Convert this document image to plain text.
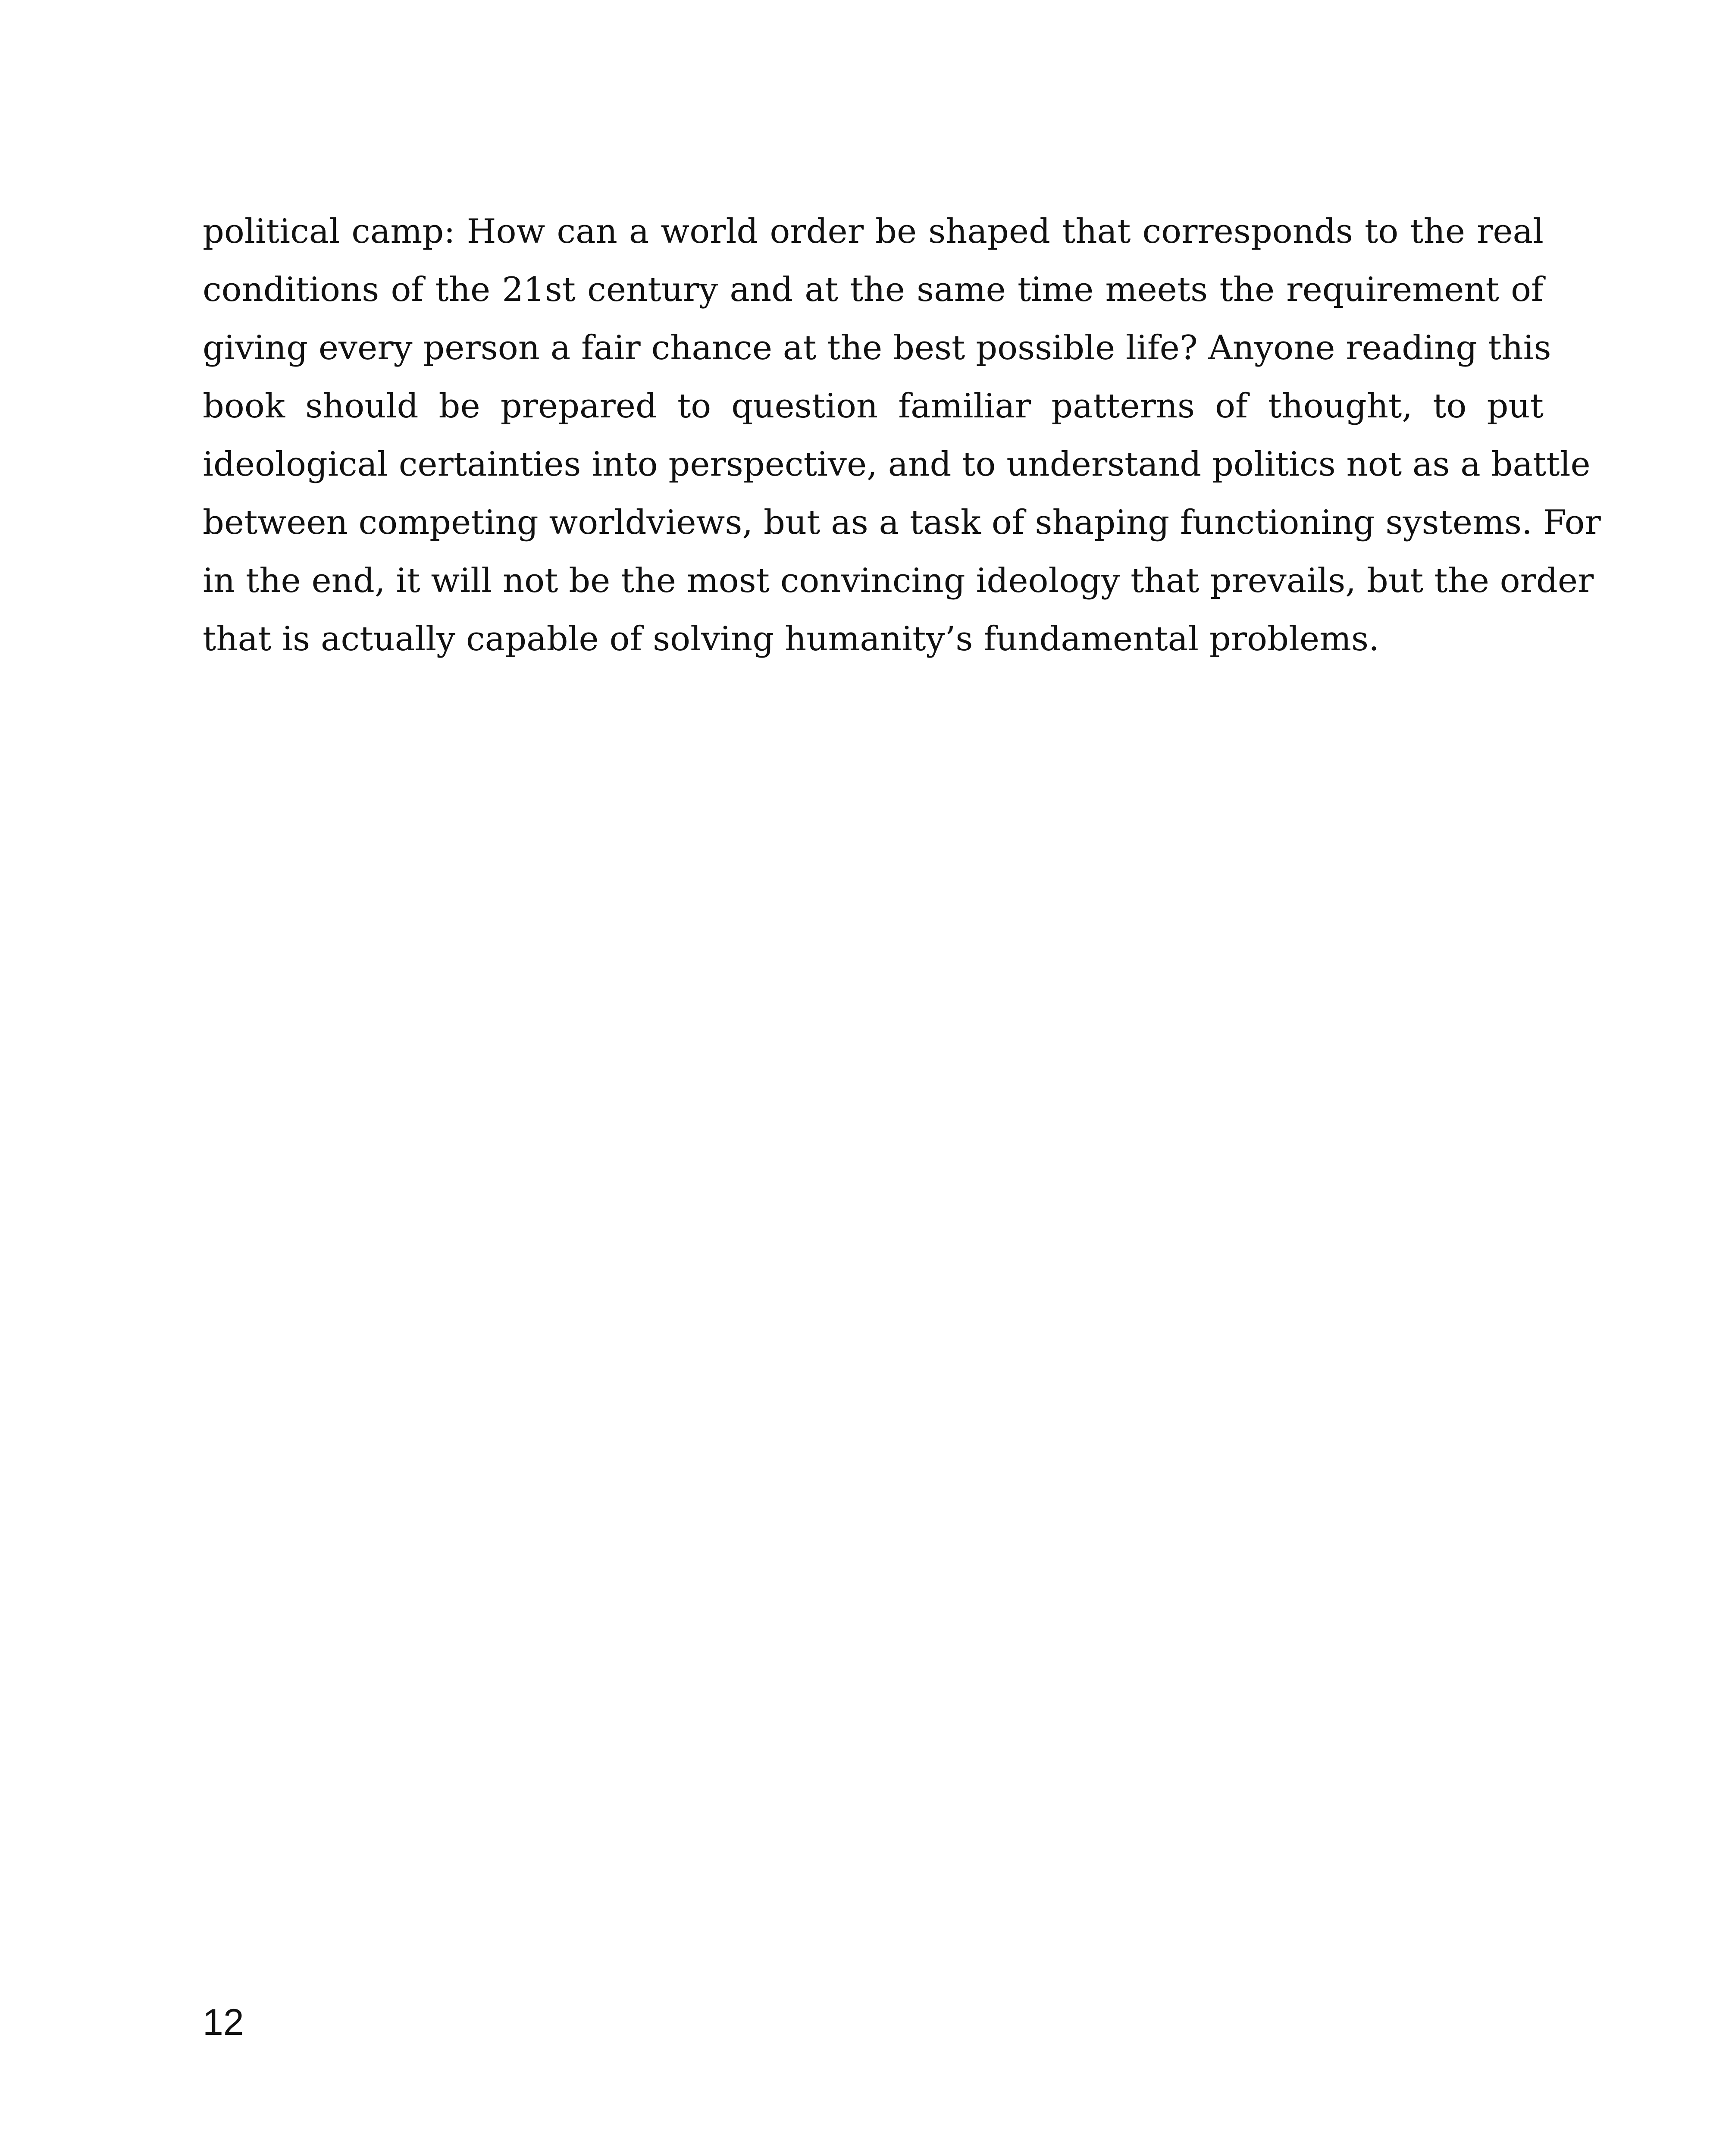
political camp: How can a world order be shaped that corresponds to the real
conditions of the 21st century and at the same time meets the requirement of
giving every person a fair chance at the best possible life? Anyone reading this
book should be prepared to question familiar patterns of thought, to put
ideological certainties into perspective, and to understand politics not as a battle
between competing worldviews, but as a task of shaping functioning systems. For
in the end, it will not be the most convincing ideology that prevails, but the order
that is actually capable of solving humanity’s fundamental problems.
12
